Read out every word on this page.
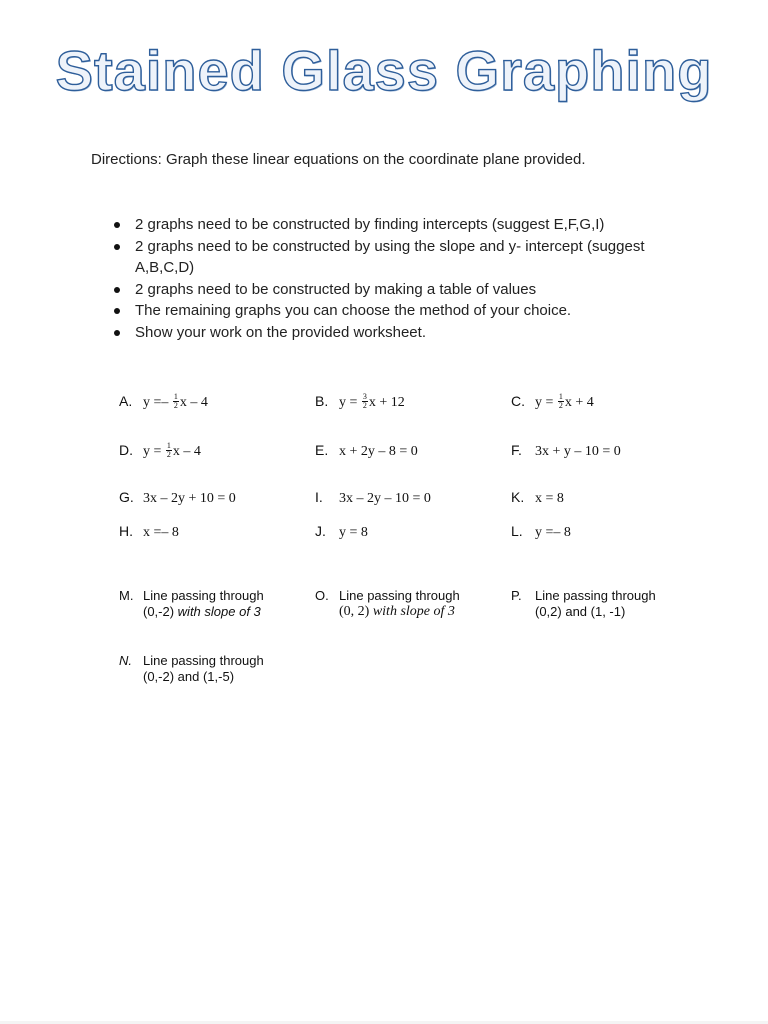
Stained Glass Graphing
Directions: Graph these linear equations on the coordinate plane provided.
2 graphs need to be constructed by finding intercepts (suggest E,F,G,I)
2 graphs need to be constructed by using the slope and y- intercept (suggest A,B,C,D)
2 graphs need to be constructed by making a table of values
The remaining graphs you can choose the method of your choice.
Show your work on the provided worksheet.
A. $y =- \frac{1}{2}$ x – 4	B. $y = \frac{3}{2}$ x + 12	C. $y = \frac{1}{2}$ x + 4
D. $y = \frac{1}{2}$ x – 4	E. x + 2y – 8 = 0	F. 3x + y – 10 = 0
G. 3x – 2y + 10 = 0	I. 3x – 2y – 10 = 0	K. x = 8
H. x =– 8	J. y = 8	L. y =– 8
M. Line passing through
(0,-2) with slope of 3
O. Line passing through
(0, 2) with slope of 3
P. Line passing through
(0,2) and (1, -1)
N. Line passing through
(0,-2) and (1,-5)
